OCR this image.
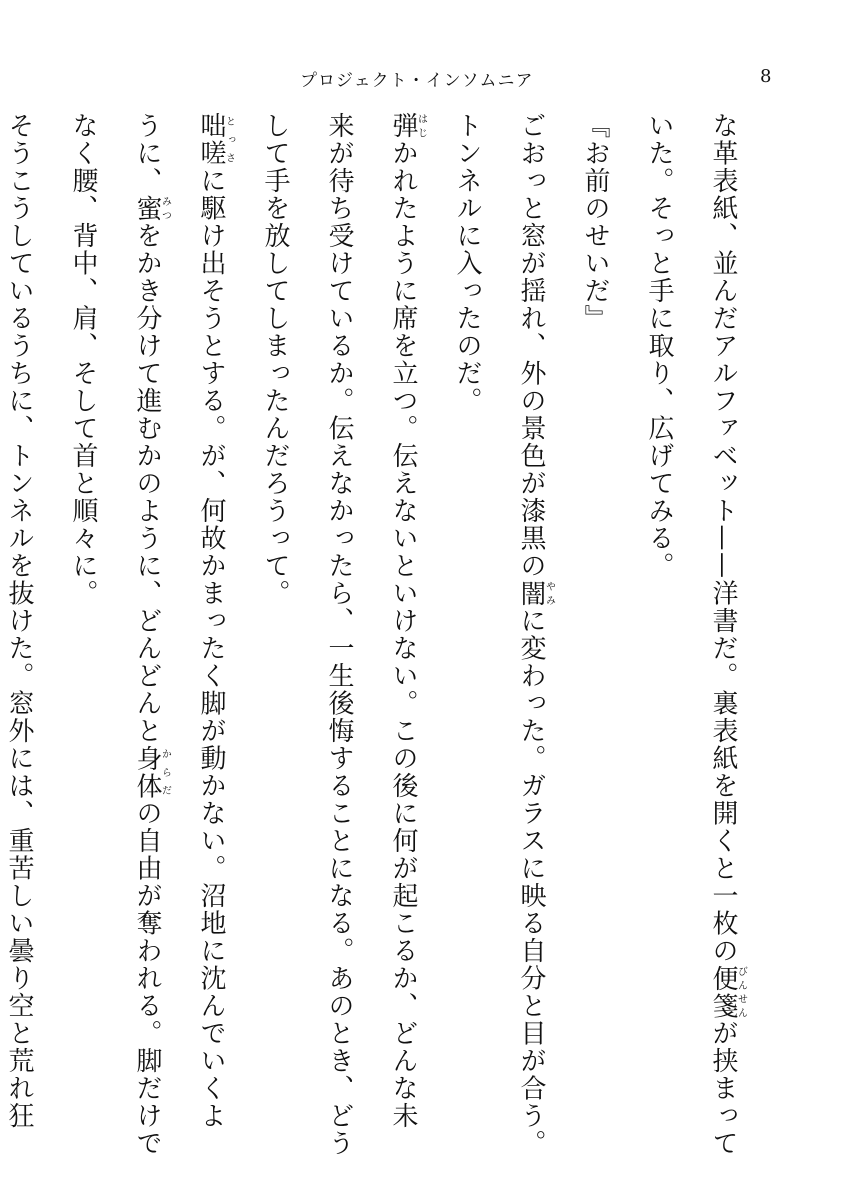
プロジェクト・インソムニア	8
な革表紙、並んだアルファベット——洋書だ。裏表紙を開くと一枚の便箋びんせんが挟まって
いた。そっと手に取り、広げてみる。
『お前のせいだ』
ごおっと窓が揺れ、外の景色が漆黒の闇やみに変わった。ガラスに映る自分と目が合う。
トンネルに入ったのだ。
弾はじかれたように席を立つ。伝えないといけない。この後に何が起こるか、どんな未
来が待ち受けているか。伝えなかったら、一生後悔することになる。あのとき、どう
して手を放してしまったんだろうって。
咄嗟とっさに駆け出そうとする。が、何故かまったく脚が動かない。沼地に沈んでいくよ
うに、蜜みつをかき分けて進むかのように、どんどんと身体からだの自由が奪われる。脚だけで
なく腰、背中、肩、そして首と順々に。
そうこうしているうちに、トンネルを抜けた。窓外には、重苦しい曇り空と荒れ狂
